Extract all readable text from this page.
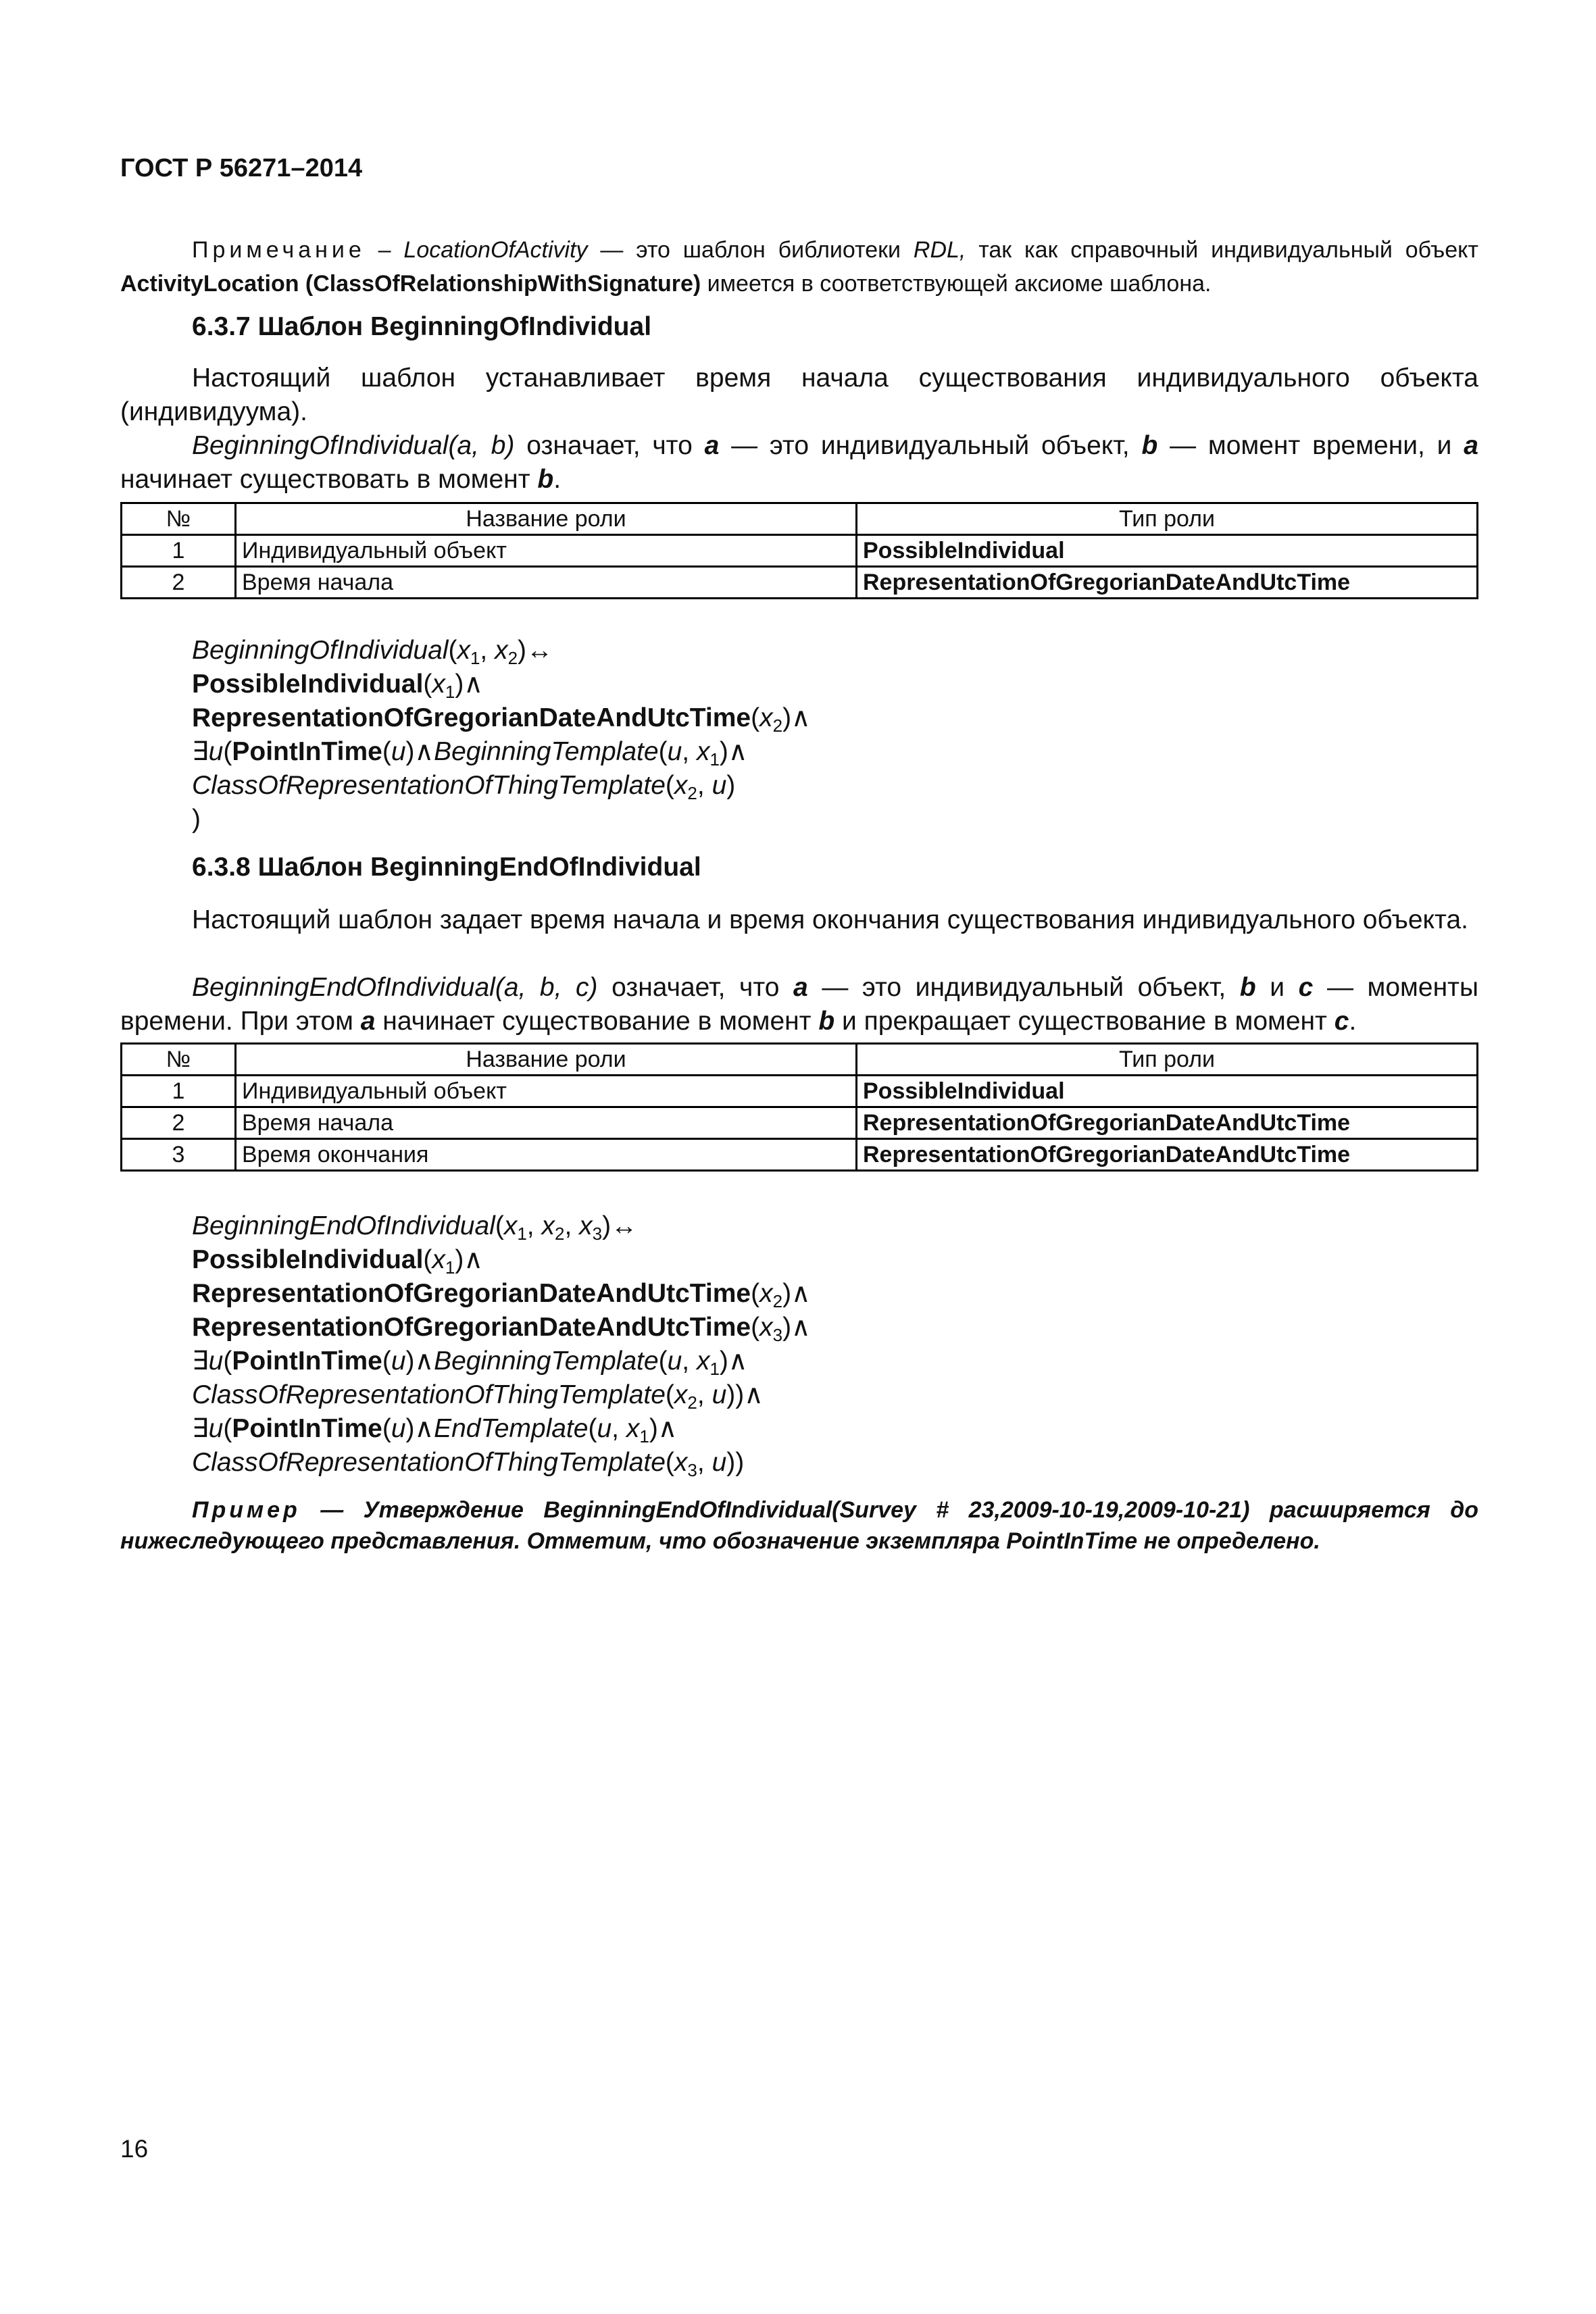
ГОСТ Р 56271–2014
Примечание – LocationOfActivity — это шаблон библиотеки RDL, так как справочный индивидуальный объект ActivityLocation (ClassOfRelationshipWithSignature) имеется в соответствующей аксиоме шаблона.
6.3.7 Шаблон BeginningOfIndividual
Настоящий шаблон устанавливает время начала существования индивидуального объекта (индивидуума).
BeginningOfIndividual(a, b) означает, что a — это индивидуальный объект, b — момент времени, и a начинает существовать в момент b.
№	Название роли	Тип роли
1	Индивидуальный объект	PossibleIndividual
2	Время начала	RepresentationOfGregorianDateAndUtcTime
$BeginningOfIndividual(x_1$, $x_2)\leftrightarrow$
$PossibleIndividual(x_1)\wedge$
$RepresentationOfGregorianDateAndUtcTime(x_2)\wedge$
∃u(PointInTime(u)∧BeginningTemplate(u, $x_1)\wedge$
$ClassOfRepresentationOfThingTemplate(x_2$, u)
)
6.3.8 Шаблон BeginningEndOfIndividual
Настоящий шаблон задает время начала и время окончания существования индивидуального объекта.
BeginningEndOfIndividual(a, b, c) означает, что a — это индивидуальный объект, b и c — моменты времени. При этом a начинает существование в момент b и прекращает существование в момент c.
№	Название роли	Тип роли
1	Индивидуальный объект	PossibleIndividual
2	Время начала	RepresentationOfGregorianDateAndUtcTime
3	Время окончания	RepresentationOfGregorianDateAndUtcTime
$BeginningEndOfIndividual(x_1$, $x_2$, $x_3)\leftrightarrow$
$PossibleIndividual(x_1)\wedge$
$RepresentationOfGregorianDateAndUtcTime(x_2)\wedge$
$RepresentationOfGregorianDateAndUtcTime(x_3)\wedge$
∃u(PointInTime(u)∧BeginningTemplate(u, $x_1)\wedge$
$ClassOfRepresentationOfThingTemplate(x_2$, u))∧
∃u(PointInTime(u)∧EndTemplate(u, $x_1)\wedge$
$ClassOfRepresentationOfThingTemplate(x_3$, u))
Пример — Утверждение BeginningEndOfIndividual(Survey # 23,2009-10-19,2009-10-21) расширяется до нижеследующего представления. Отметим, что обозначение экземпляра PointInTime не определено.
16
